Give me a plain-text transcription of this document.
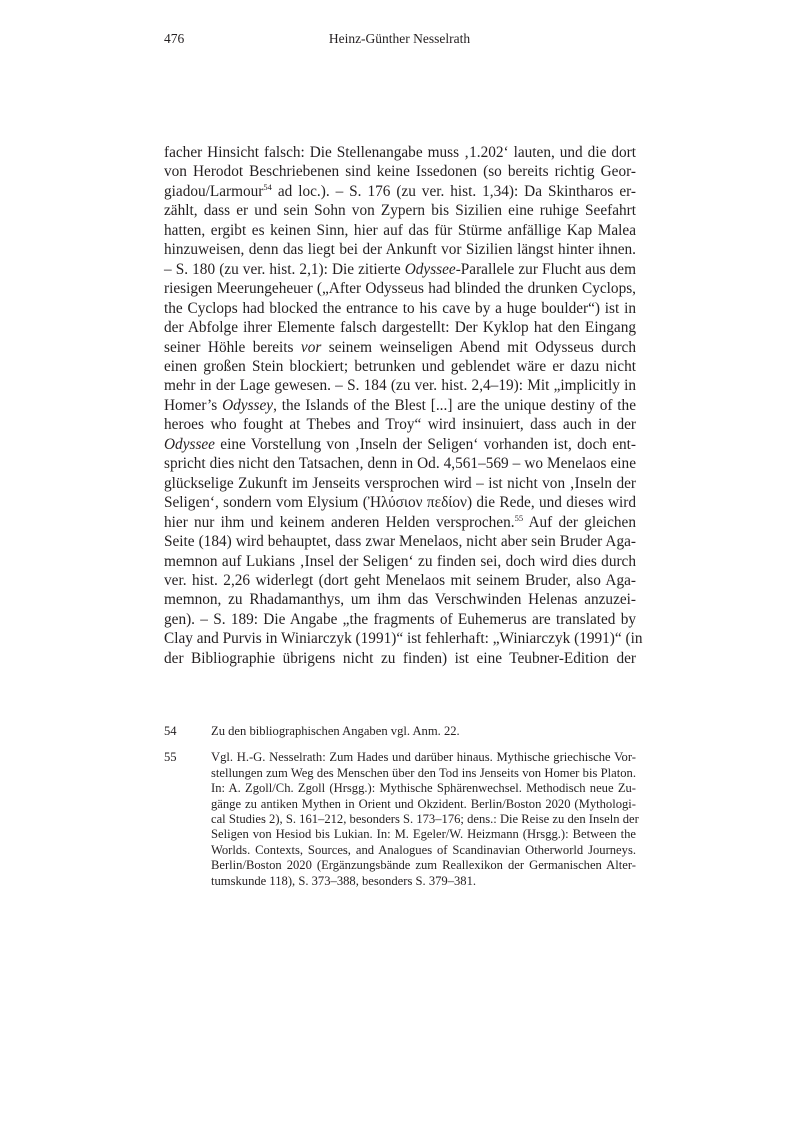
476	Heinz-Günther Nesselrath
facher Hinsicht falsch: Die Stellenangabe muss ‚1.202‘ lauten, und die dort
von Herodot Beschriebenen sind keine Issedonen (so bereits richtig Geor-
giadou/Larmour$^{54}$ ad loc.). – S. 176 (zu ver. hist. 1,34): Da Skintharos er-
zählt, dass er und sein Sohn von Zypern bis Sizilien eine ruhige Seefahrt
hatten, ergibt es keinen Sinn, hier auf das für Stürme anfällige Kap Malea
hinzuweisen, denn das liegt bei der Ankunft vor Sizilien längst hinter ihnen.
– S. 180 (zu ver. hist. 2,1): Die zitierte Odyssee-Parallele zur Flucht aus dem
riesigen Meerungeheuer („After Odysseus had blinded the drunken Cyclops,
the Cyclops had blocked the entrance to his cave by a huge boulder“) ist in
der Abfolge ihrer Elemente falsch dargestellt: Der Kyklop hat den Eingang
seiner Höhle bereits vor seinem weinseligen Abend mit Odysseus durch
einen großen Stein blockiert; betrunken und geblendet wäre er dazu nicht
mehr in der Lage gewesen. – S. 184 (zu ver. hist. 2,4–19): Mit „implicitly in
Homer’s Odyssey, the Islands of the Blest [...] are the unique destiny of the
heroes who fought at Thebes and Troy“ wird insinuiert, dass auch in der
Odyssee eine Vorstellung von ‚Inseln der Seligen‘ vorhanden ist, doch ent-
spricht dies nicht den Tatsachen, denn in Od. 4,561–569 – wo Menelaos eine
glückselige Zukunft im Jenseits versprochen wird – ist nicht von ‚Inseln der
Seligen‘, sondern vom Elysium (Ἠλύσιον πεδίον) die Rede, und dieses wird
hier nur ihm und keinem anderen Helden versprochen.$^{55}$ Auf der gleichen
Seite (184) wird behauptet, dass zwar Menelaos, nicht aber sein Bruder Aga-
memnon auf Lukians ‚Insel der Seligen‘ zu finden sei, doch wird dies durch
ver. hist. 2,26 widerlegt (dort geht Menelaos mit seinem Bruder, also Aga-
memnon, zu Rhadamanthys, um ihm das Verschwinden Helenas anzuzei-
gen). – S. 189: Die Angabe „the fragments of Euhemerus are translated by
Clay and Purvis in Winiarczyk (1991)“ ist fehlerhaft: „Winiarczyk (1991)“ (in
der Bibliographie übrigens nicht zu finden) ist eine Teubner-Edition der
54	Zu den bibliographischen Angaben vgl. Anm. 22.
55	Vgl. H.-G. Nesselrath: Zum Hades und darüber hinaus. Mythische griechische Vor-
stellungen zum Weg des Menschen über den Tod ins Jenseits von Homer bis Platon.
In: A. Zgoll/Ch. Zgoll (Hrsgg.): Mythische Sphärenwechsel. Methodisch neue Zu-
gänge zu antiken Mythen in Orient und Okzident. Berlin/Boston 2020 (Mythologi-
cal Studies 2), S. 161–212, besonders S. 173–176; dens.: Die Reise zu den Inseln der
Seligen von Hesiod bis Lukian. In: M. Egeler/W. Heizmann (Hrsgg.): Between the
Worlds. Contexts, Sources, and Analogues of Scandinavian Otherworld Journeys.
Berlin/Boston 2020 (Ergänzungsbände zum Reallexikon der Germanischen Alter-
tumskunde 118), S. 373–388, besonders S. 379–381.
